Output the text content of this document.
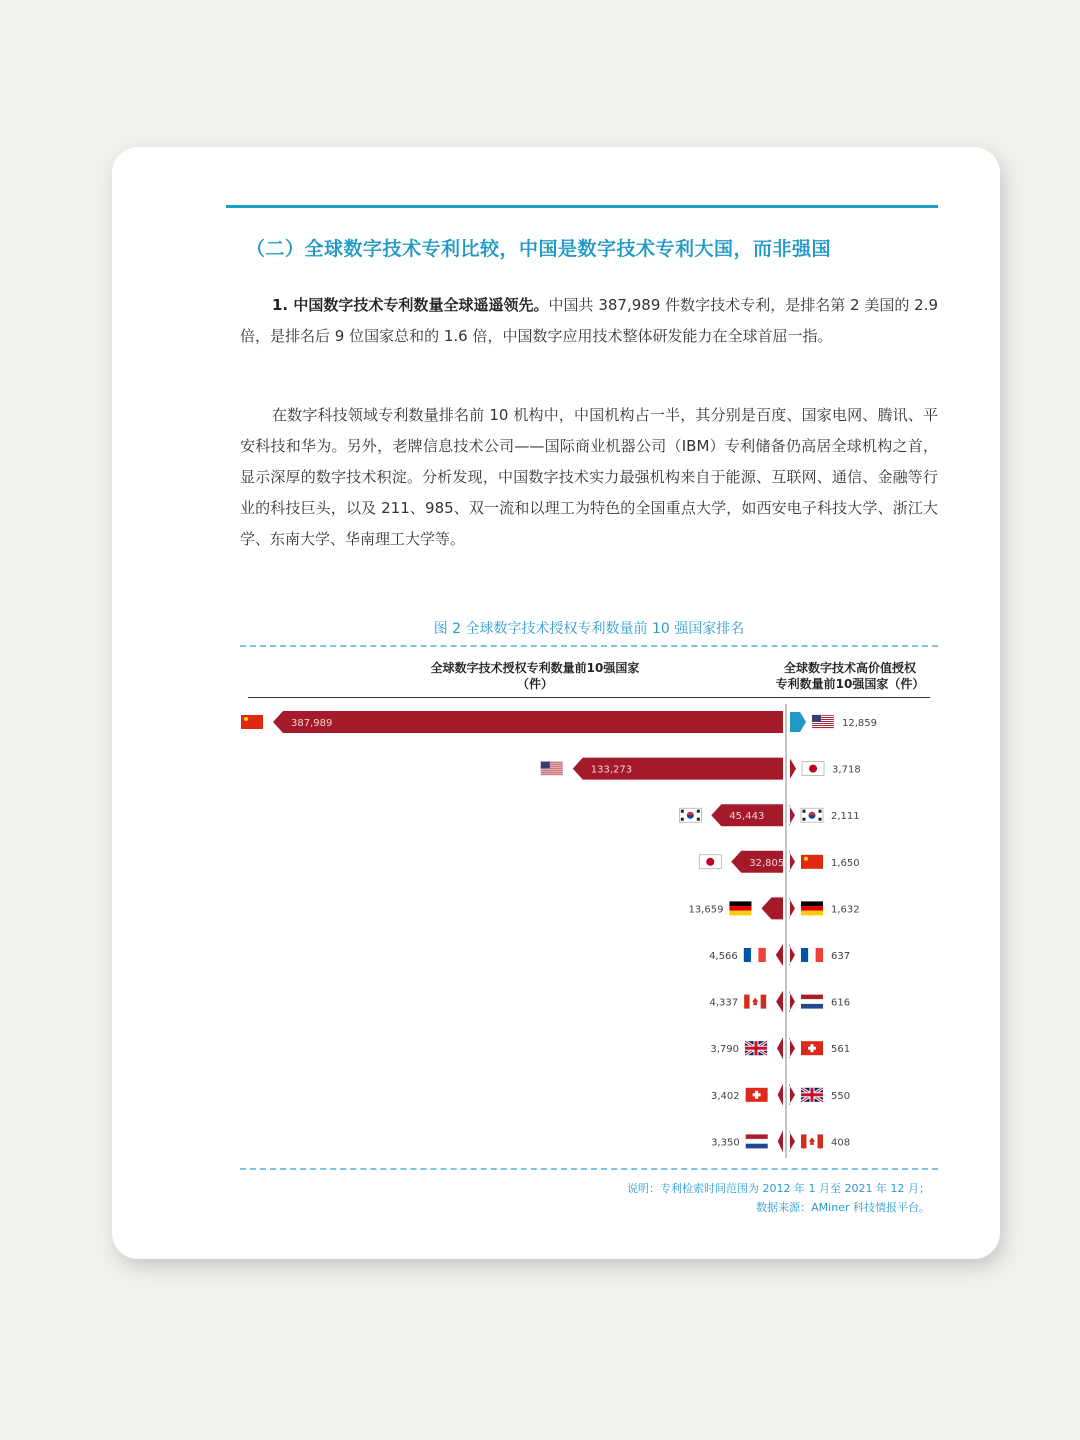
（二）全球数字技术专利比较，中国是数字技术专利大国，而非强国
1. 中国数字技术专利数量全球遥遥领先。中国共 387,989 件数字技术专利，是排名第 2 美国的 2.9 倍，是排名后 9 位国家总和的 1.6 倍，中国数字应用技术整体研发能力在全球首屈一指。
在数字科技领域专利数量排名前 10 机构中，中国机构占一半，其分别是百度、国家电网、腾讯、平安科技和华为。另外，老牌信息技术公司——国际商业机器公司（IBM）专利储备仍高居全球机构之首，显示深厚的数字技术积淀。分析发现，中国数字技术实力最强机构来自于能源、互联网、通信、金融等行业的科技巨头，以及 211、985、双一流和以理工为特色的全国重点大学，如西安电子科技大学、浙江大学、东南大学、华南理工大学等。
图 2 全球数字技术授权专利数量前 10 强国家排名
全球数字技术授权专利数量前10强国家
（件）
全球数字技术高价值授权
专利数量前10强国家（件）
387,989
133,273
45,443
32,805
13,659
4,566
4,337
3,790
3,402
3,350
12,859
3,718
2,111
1,650
1,632
637
616
561
550
408
说明：专利检索时间范围为 2012 年 1 月至 2021 年 12 月；
数据来源：AMiner 科技情报平台。
